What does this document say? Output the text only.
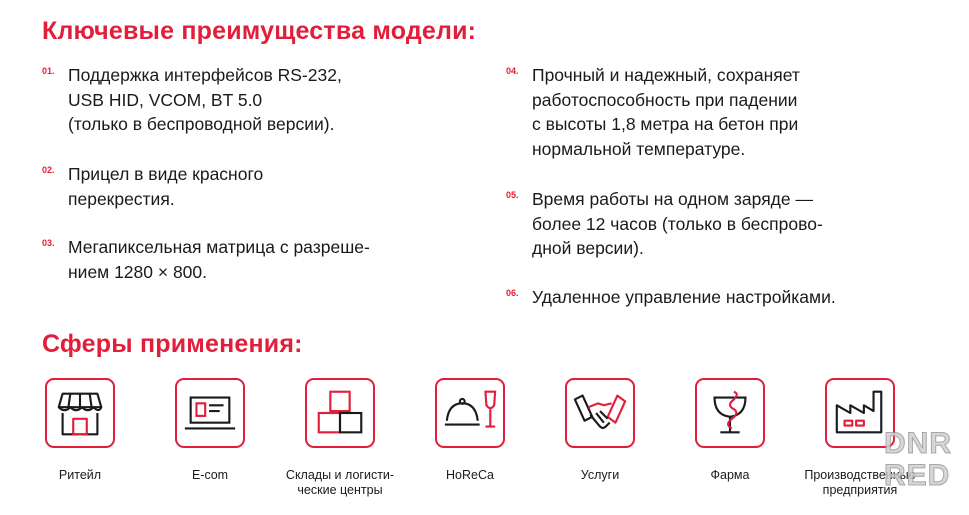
Ключевые преимущества модели:
01. Поддержка интерфейсов RS-232,
USB HID, VCOM, BT 5.0
(только в беспроводной версии).
02. Прицел в виде красного
перекрестия.
03. Мегапиксельная матрица с разреше-
нием 1280 × 800.
04. Прочный и надежный, сохраняет
работоспособность при падении
с высоты 1,8 метра на бетон при
нормальной температуре.
05. Время работы на одном заряде —
более 12 часов (только в беспрово-
дной версии).
06. Удаленное управление настройками.
Сферы применения:
Ритейл	E-com	Склады и логисти-
ческие центры
HoReCa	Услуги	Фарма	Производственные
предприятия
DNR
RED
